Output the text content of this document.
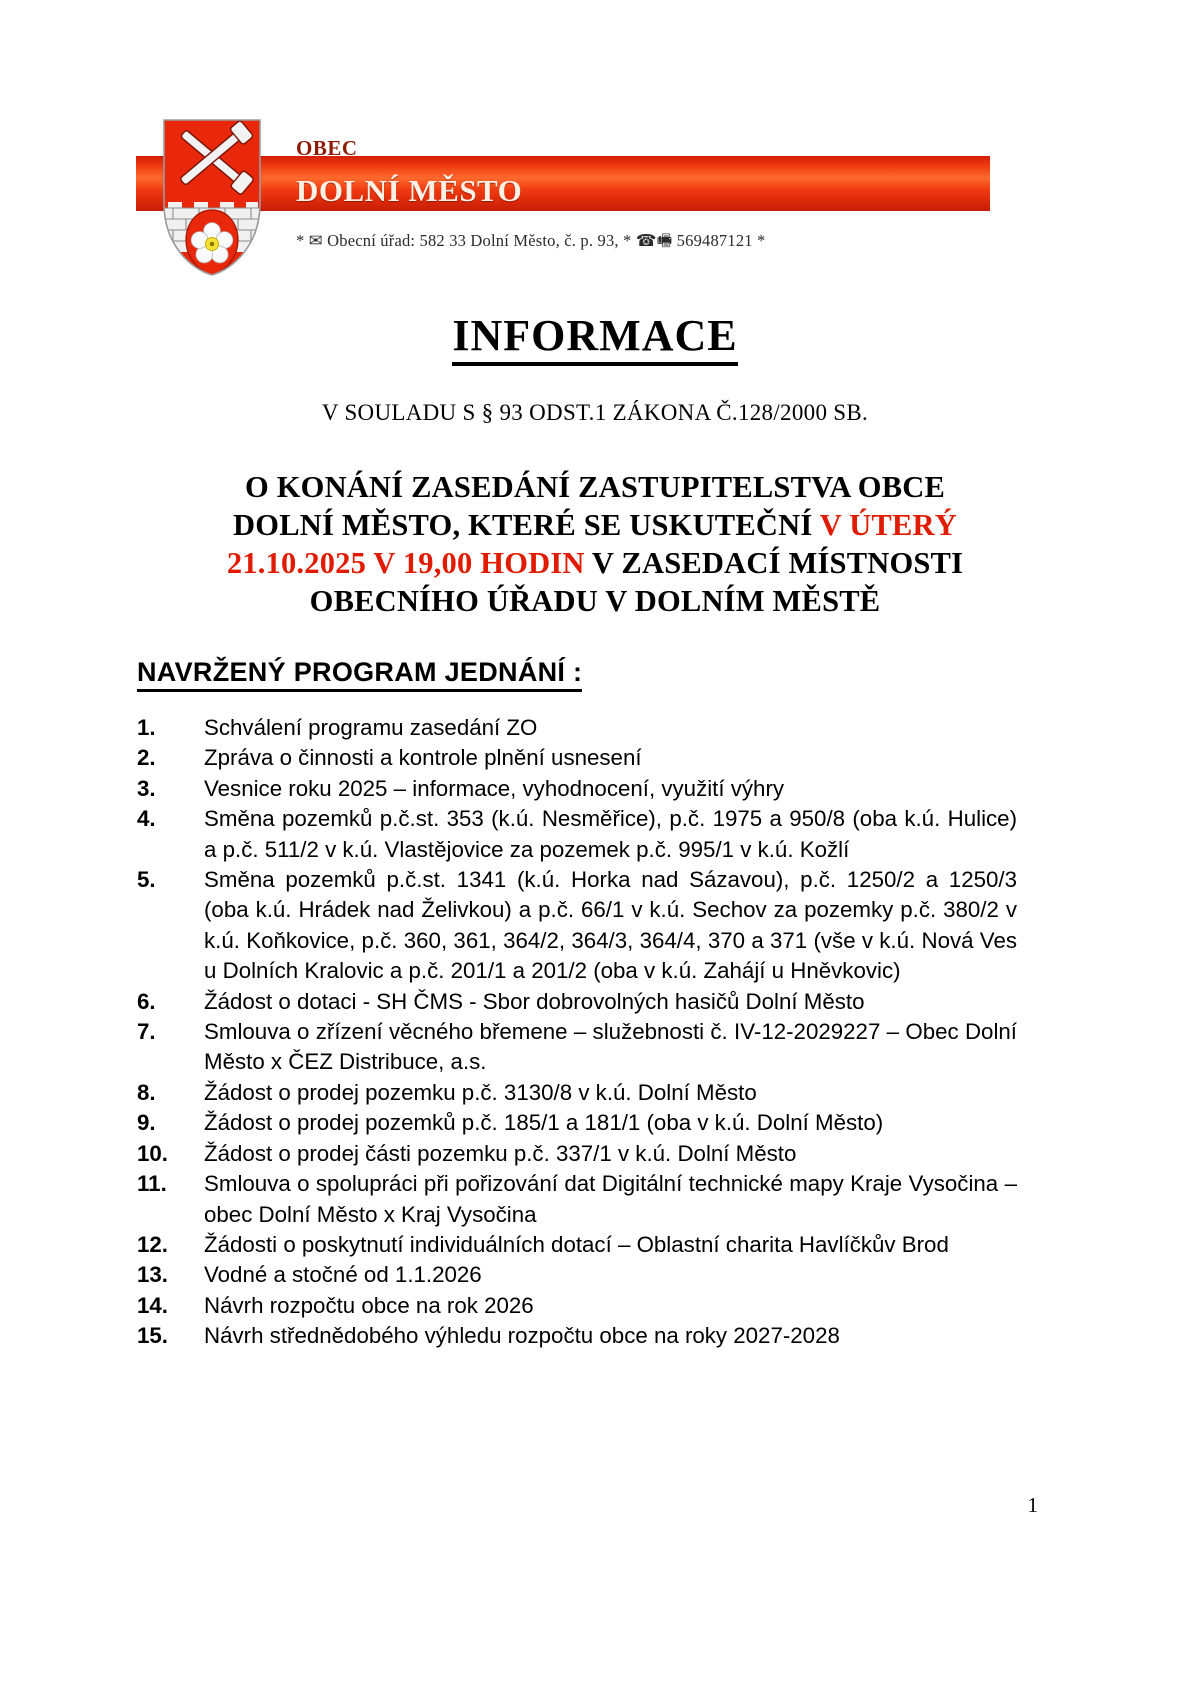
OBEC
DOLNÍ MĚSTO
* ✉ Obecní úřad: 582 33 Dolní Město, č. p. 93, * ☎🖷 569487121 *
INFORMACE
V SOULADU S § 93 ODST.1 ZÁKONA Č.128/2000 SB.
O KONÁNÍ ZASEDÁNÍ ZASTUPITELSTVA OBCE
DOLNÍ MĚSTO, KTERÉ SE USKUTEČNÍ V ÚTERÝ
21.10.2025 V 19,00 HODIN V ZASEDACÍ MÍSTNOSTI
OBECNÍHO ÚŘADU V DOLNÍM MĚSTĚ
NAVRŽENÝ PROGRAM JEDNÁNÍ :
1.	Schválení programu zasedání ZO
2.	Zpráva o činnosti a kontrole plnění usnesení
3.	Vesnice roku 2025 – informace, vyhodnocení, využití výhry
4.	Směna pozemků p.č.st. 353 (k.ú. Nesměřice), p.č. 1975 a 950/8 (oba k.ú. Hulice) a p.č. 511/2 v k.ú. Vlastějovice za pozemek p.č. 995/1 v k.ú. Kožlí
5.	Směna pozemků p.č.st. 1341 (k.ú. Horka nad Sázavou), p.č. 1250/2 a 1250/3 (oba k.ú. Hrádek nad Želivkou) a p.č. 66/1 v k.ú. Sechov za pozemky p.č. 380/2 v k.ú. Koňkovice, p.č. 360, 361, 364/2, 364/3, 364/4, 370 a 371 (vše v k.ú. Nová Ves u Dolních Kralovic a p.č. 201/1 a 201/2 (oba v k.ú. Zahájí u Hněvkovic)
6.	Žádost o dotaci - SH ČMS - Sbor dobrovolných hasičů Dolní Město
7.	Smlouva o zřízení věcného břemene – služebnosti č. IV-12-2029227 – Obec Dolní Město x ČEZ Distribuce, a.s.
8.	Žádost o prodej pozemku p.č. 3130/8 v k.ú. Dolní Město
9.	Žádost o prodej pozemků p.č. 185/1 a 181/1 (oba v k.ú. Dolní Město)
10.	Žádost o prodej části pozemku p.č. 337/1 v k.ú. Dolní Město
11.	Smlouva o spolupráci při pořizování dat Digitální technické mapy Kraje Vysočina – obec Dolní Město x Kraj Vysočina
12.	Žádosti o poskytnutí individuálních dotací – Oblastní charita Havlíčkův Brod
13.	Vodné a stočné od 1.1.2026
14.	Návrh rozpočtu obce na rok 2026
15.	Návrh střednědobého výhledu rozpočtu obce na roky 2027-2028
1
